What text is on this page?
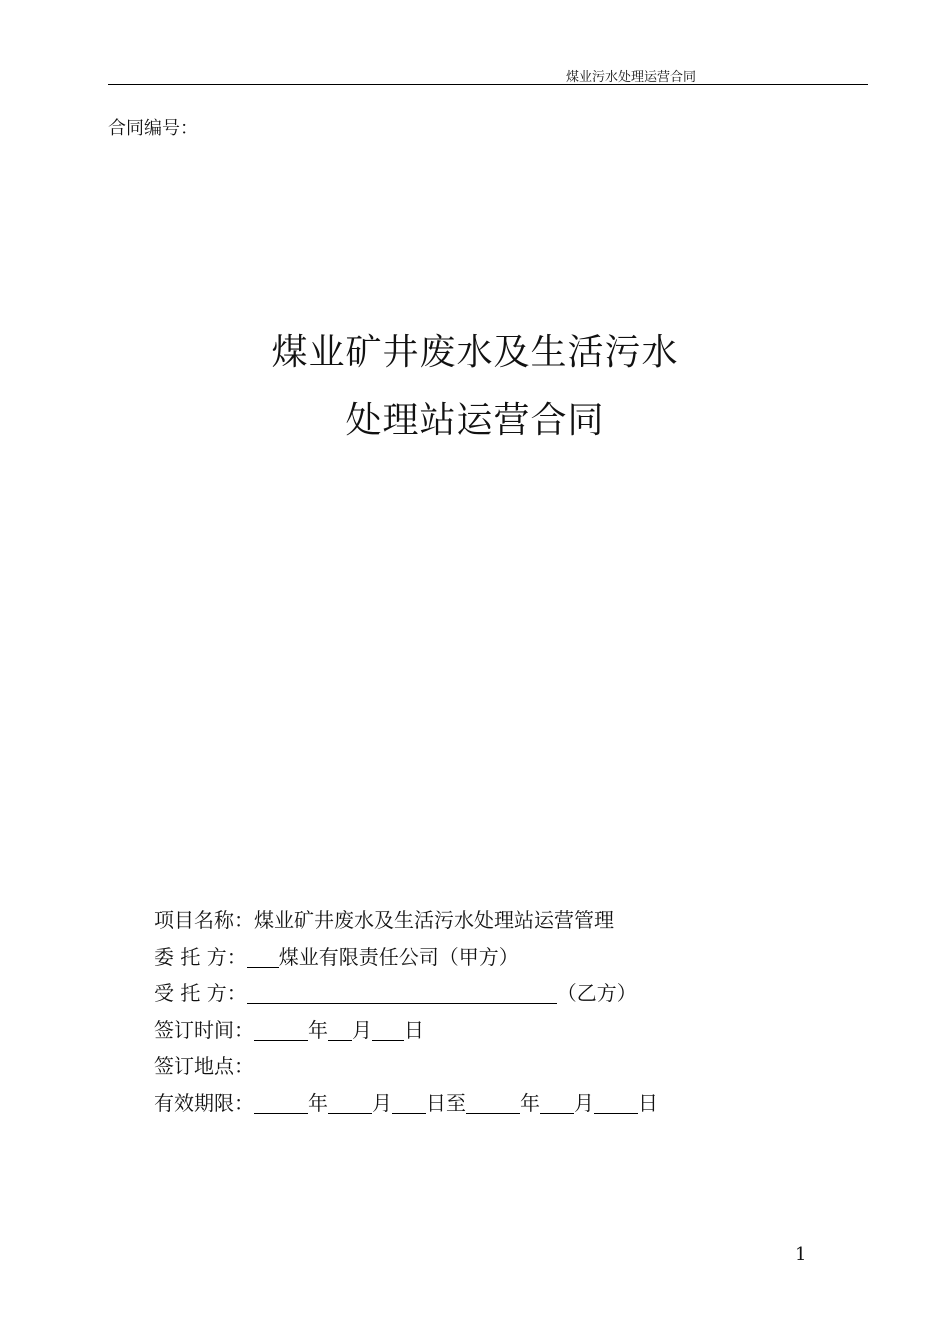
煤业污水处理运营合同
合同编号：
煤业矿井废水及生活污水
处理站运营合同
项目名称：煤业矿井废水及生活污水处理站运营管理
委 托 方： 煤业有限责任公司（甲方）
受 托 方：	（乙方）
签订时间：	年 月 日
签订地点：
有效期限：	年 月 日至	年 月 日
1
